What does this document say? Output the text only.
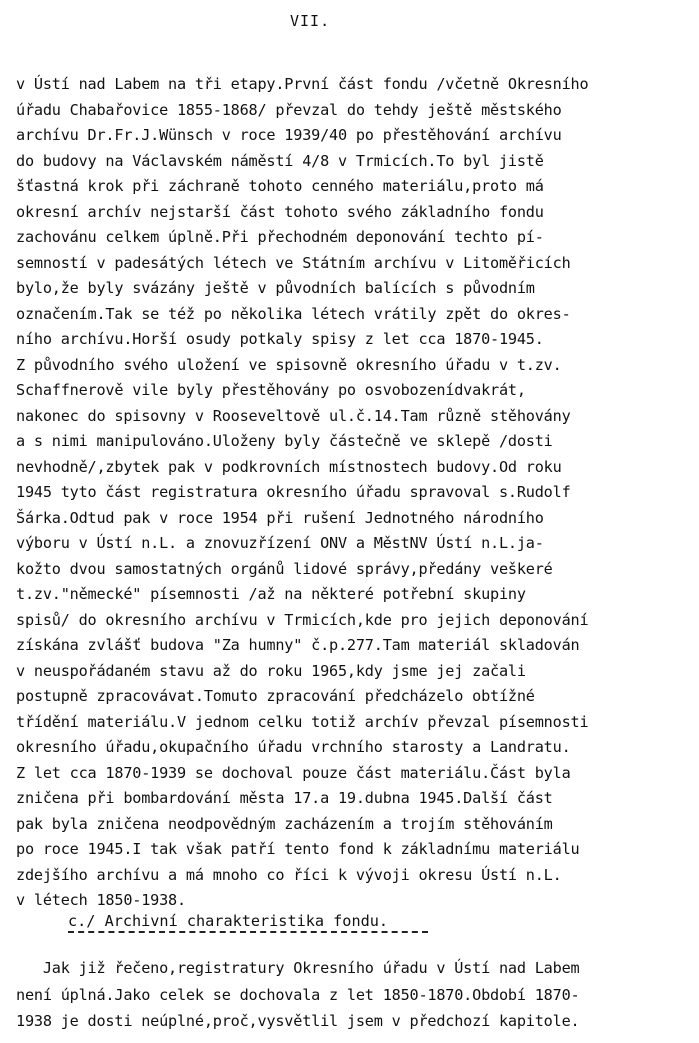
VII.
v Ústí nad Labem na tři etapy.První část fondu /včetně Okresního
úřadu Chabařovice 1855-1868/ převzal do tehdy ještě městského
archívu Dr.Fr.J.Wünsch v roce 1939/40 po přestěhování archívu
do budovy na Václavském náměstí 4/8 v Trmicích.To byl jistě
šťastná krok při záchraně tohoto cenného materiálu,proto má
okresní archív nejstarší část tohoto svého základního fondu
zachovánu celkem úplně.Při přechodném deponování techto pí-
semností v padesátých létech ve Státním archívu v Litoměřicích
bylo,že byly svázány ještě v původních balících s původním
označením.Tak se též po několika létech vrátily zpět do okres-
ního archívu.Horší osudy potkaly spisy z let cca 1870-1945.
Z původního svého uložení ve spisovně okresního úřadu v t.zv.
Schaffnerově vile byly přestěhovány po osvobozenídvakrát,
nakonec do spisovny v Rooseveltově ul.č.14.Tam různě stěhovány
a s nimi manipulováno.Uloženy byly částečně ve sklepě /dosti
nevhodně/,zbytek pak v podkrovních místnostech budovy.Od roku
1945 tyto část registratura okresního úřadu spravoval s.Rudolf
Šárka.Odtud pak v roce 1954 při rušení Jednotného národního
výboru v Ústí n.L. a znovuzřízení ONV a MěstNV Ústí n.L.ja-
kožto dvou samostatných orgánů lidové správy,předány veškeré
t.zv."německé" písemnosti /až na některé potřební skupiny
spisů/ do okresního archívu v Trmicích,kde pro jejich deponování
získána zvlášť budova "Za humny" č.p.277.Tam materiál skladován
v neuspořádaném stavu až do roku 1965,kdy jsme jej začali
postupně zpracovávat.Tomuto zpracování předcházelo obtížné
třídění materiálu.V jednom celku totiž archív převzal písemnosti
okresního úřadu,okupačního úřadu vrchního starosty a Landratu.
Z let cca 1870-1939 se dochoval pouze část materiálu.Část byla
zničena při bombardování města 17.a 19.dubna 1945.Další část
pak byla zničena neodpovědným zacházením a trojím stěhováním
po roce 1945.I tak však patří tento fond k základnímu materiálu
zdejšího archívu a má mnoho co říci k vývoji okresu Ústí n.L.
v létech 1850-1938.
c./ Archivní charakteristika fondu.
Jak již řečeno,registratury Okresního úřadu v Ústí nad Labem
není úplná.Jako celek se dochovala z let 1850-1870.Období 1870-
1938 je dosti neúplné,proč,vysvětlil jsem v předchozí kapitole.
